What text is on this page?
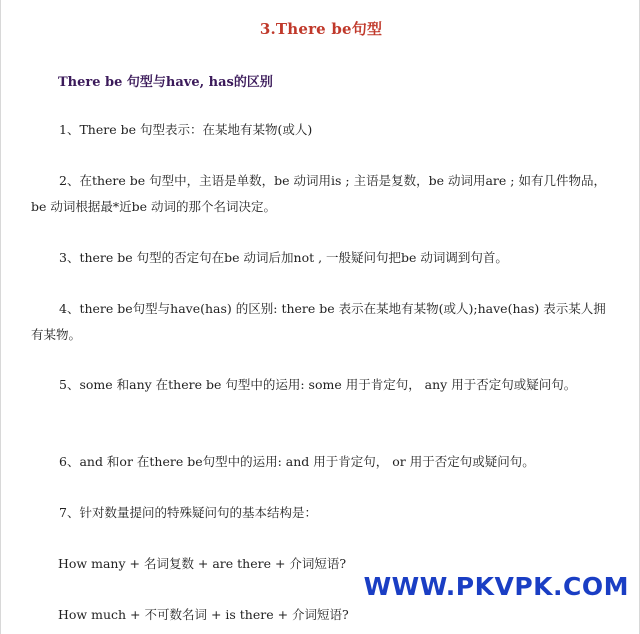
3.There be句型
There be 句型与have, has的区别
1、There be 句型表示：在某地有某物(或人)
2、在there be 句型中，主语是单数，be 动词用is ; 主语是复数，be 动词用are ; 如有几件物品，be 动词根据最*近be 动词的那个名词决定。
3、there be 句型的否定句在be 动词后加not , 一般疑问句把be 动词调到句首。
4、there be句型与have(has) 的区别: there be 表示在某地有某物(或人);have(has) 表示某人拥有某物。
5、some 和any 在there be 句型中的运用: some 用于肯定句， any 用于否定句或疑问句。
6、and 和or 在there be句型中的运用: and 用于肯定句， or 用于否定句或疑问句。
7、针对数量提问的特殊疑问句的基本结构是：
How many + 名词复数 + are there + 介词短语?
How much + 不可数名词 + is there + 介词短语?
WWW.PKVPK.COM
